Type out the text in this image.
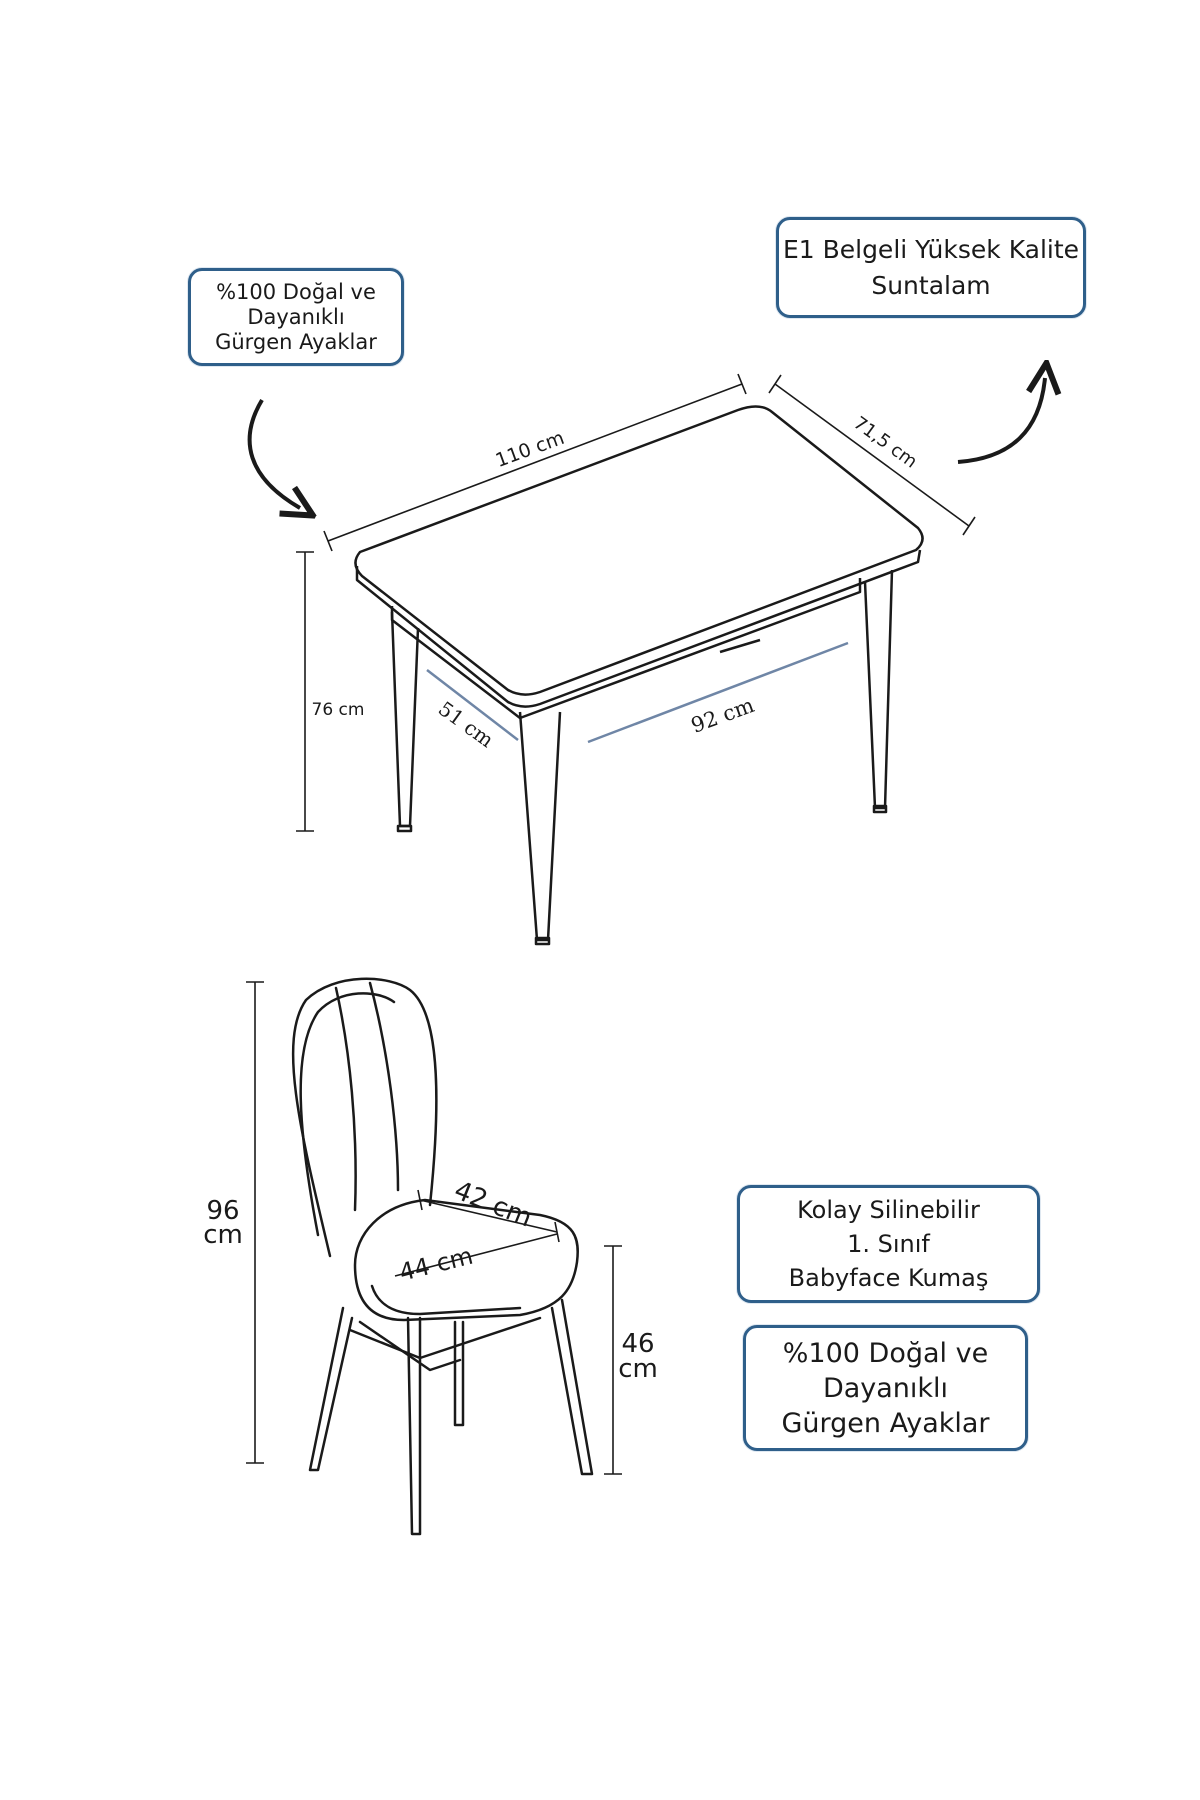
%100 Doğal ve
Dayanıklı
Gürgen Ayaklar
E1 Belgeli Yüksek Kalite
Suntalam
Kolay Silinebilir
1. Sınıf
Babyface Kumaş
%100 Doğal ve
Dayanıklı
Gürgen Ayaklar
110 cm	71,5 cm
76 cm	51 cm	92 cm
96
cm
42 cm
44 cm
46
cm
